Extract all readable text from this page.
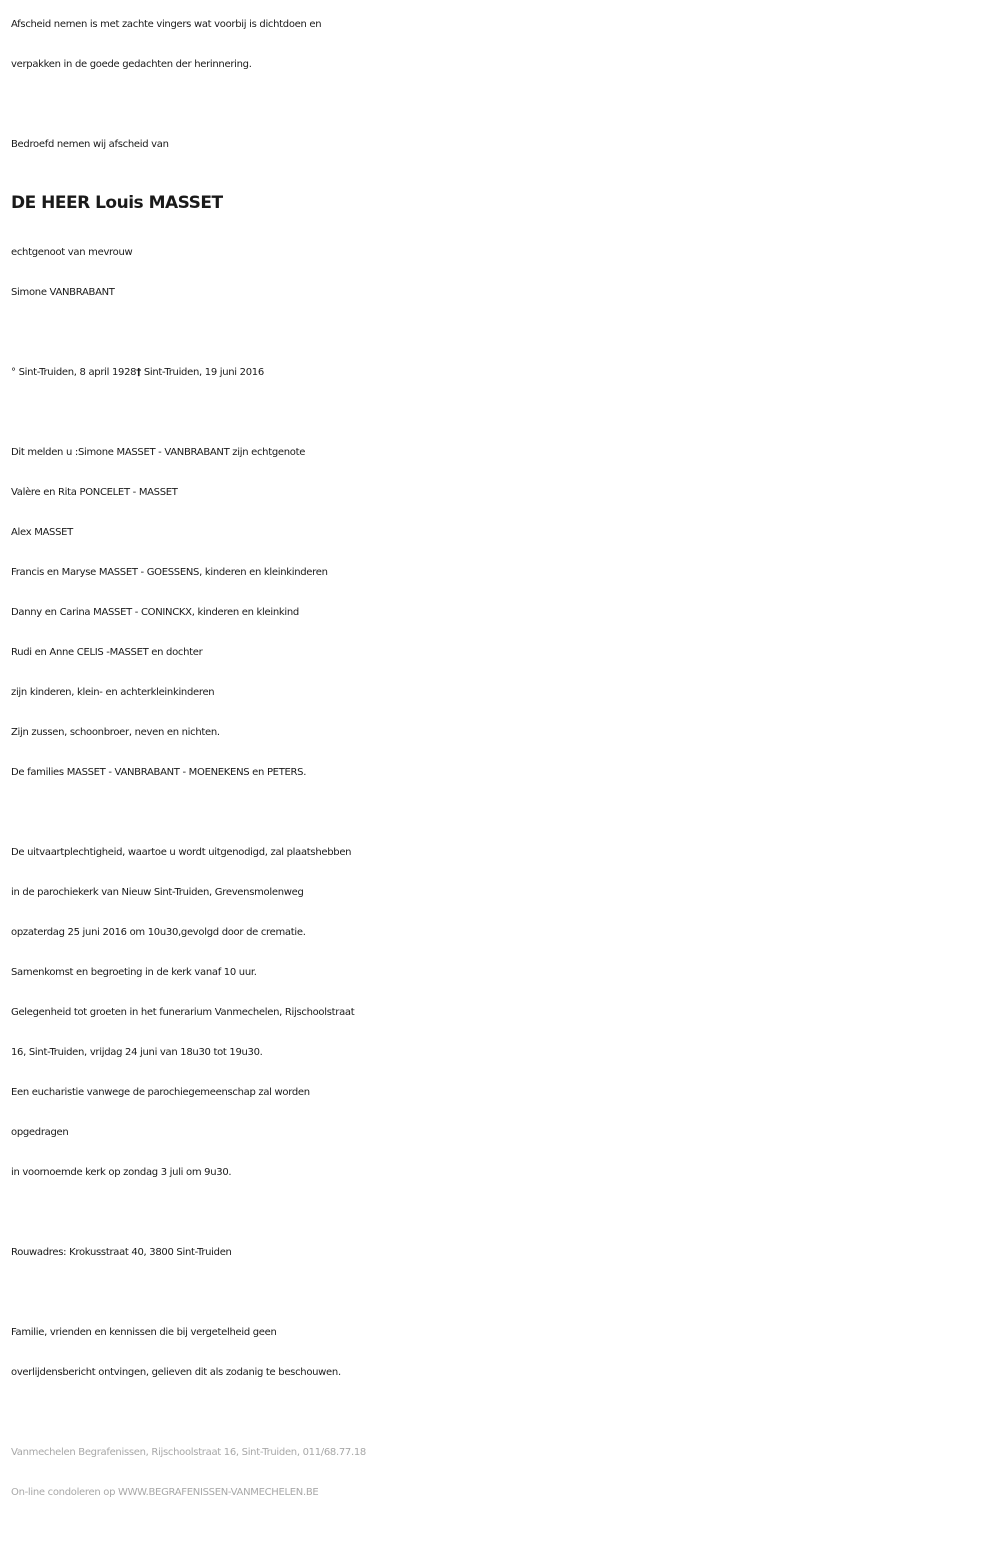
Afscheid nemen is met zachte vingers wat voorbij is dichtdoen en
verpakken in de goede gedachten der herinnering.
Bedroefd nemen wij afscheid van
DE HEER Louis MASSET
echtgenoot van mevrouw
Simone VANBRABANT
° Sint-Truiden, 8 april 1928† Sint-Truiden, 19 juni 2016
Dit melden u :Simone MASSET - VANBRABANT zijn echtgenote
Valère en Rita PONCELET - MASSET
Alex MASSET
Francis en Maryse MASSET - GOESSENS, kinderen en kleinkinderen
Danny en Carina MASSET - CONINCKX, kinderen en kleinkind
Rudi en Anne CELIS -MASSET en dochter
zijn kinderen, klein- en achterkleinkinderen
Zijn zussen, schoonbroer, neven en nichten.
De families MASSET - VANBRABANT - MOENEKENS en PETERS.
De uitvaartplechtigheid, waartoe u wordt uitgenodigd, zal plaatshebben
in de parochiekerk van Nieuw Sint-Truiden, Grevensmolenweg
opzaterdag 25 juni 2016 om 10u30,gevolgd door de crematie.
Samenkomst en begroeting in de kerk vanaf 10 uur.
Gelegenheid tot groeten in het funerarium Vanmechelen, Rijschoolstraat
16, Sint-Truiden, vrijdag 24 juni van 18u30 tot 19u30.
Een eucharistie vanwege de parochiegemeenschap zal worden
opgedragen
in voornoemde kerk op zondag 3 juli om 9u30.
Rouwadres: Krokusstraat 40, 3800 Sint-Truiden
Familie, vrienden en kennissen die bij vergetelheid geen
overlijdensbericht ontvingen, gelieven dit als zodanig te beschouwen.
Vanmechelen Begrafenissen, Rijschoolstraat 16, Sint-Truiden, 011/68.77.18
On-line condoleren op WWW.BEGRAFENISSEN-VANMECHELEN.BE
